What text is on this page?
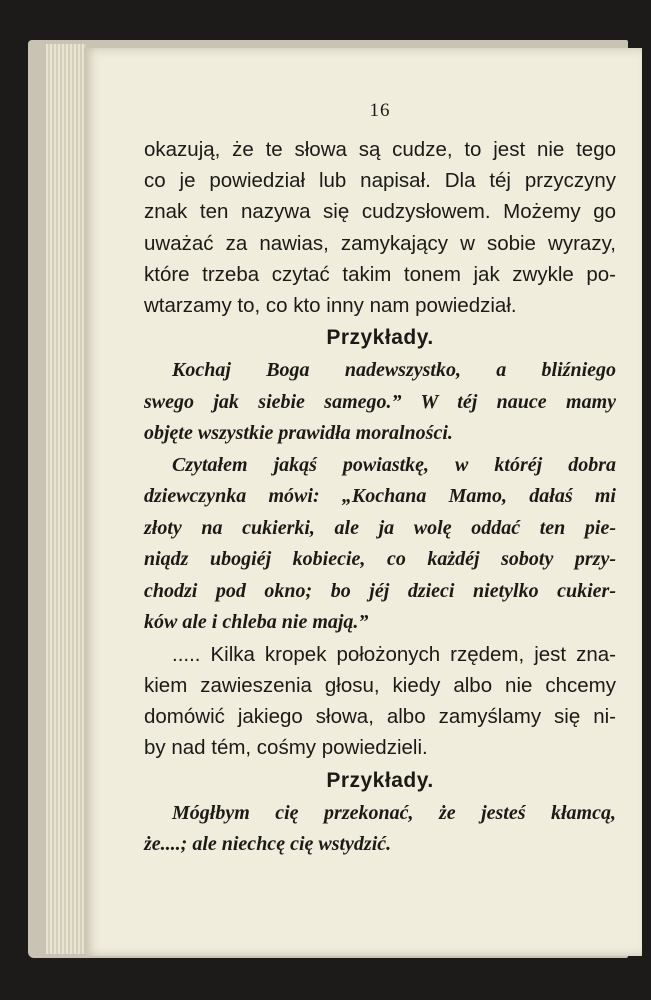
16

okazują, że te słowa są cudze, to jest nie tego
co je powiedział lub napisał. Dla téj przyczyny
znak ten nazywa się cudzysłowem. Możemy go
uważać za nawias, zamykający w sobie wyrazy,
które trzeba czytać takim tonem jak zwykle po-
wtarzamy to, co kto inny nam powiedział.

Przykłady.

Kochaj Boga nadewszystko, a bliźniego
swego jak siebie samego.” W téj nauce mamy
objęte wszystkie prawidła moralności.

Czytałem jakąś powiastkę, w któréj dobra
dziewczynka mówi: „Kochana Mamo, dałaś mi
złoty na cukierki, ale ja wolę oddać ten pie-
niądz ubogiéj kobiecie, co każdéj soboty przy-
chodzi pod okno; bo jéj dzieci nietylko cukier-
ków ale i chleba nie mają.”

..... Kilka kropek położonych rzędem, jest zna-
kiem zawieszenia głosu, kiedy albo nie chcemy
domówić jakiego słowa, albo zamyślamy się ni-
by nad tém, cośmy powiedzieli.

Przykłady.

Mógłbym cię przekonać, że jesteś kłamcą,
że....; ale niechcę cię wstydzić.
